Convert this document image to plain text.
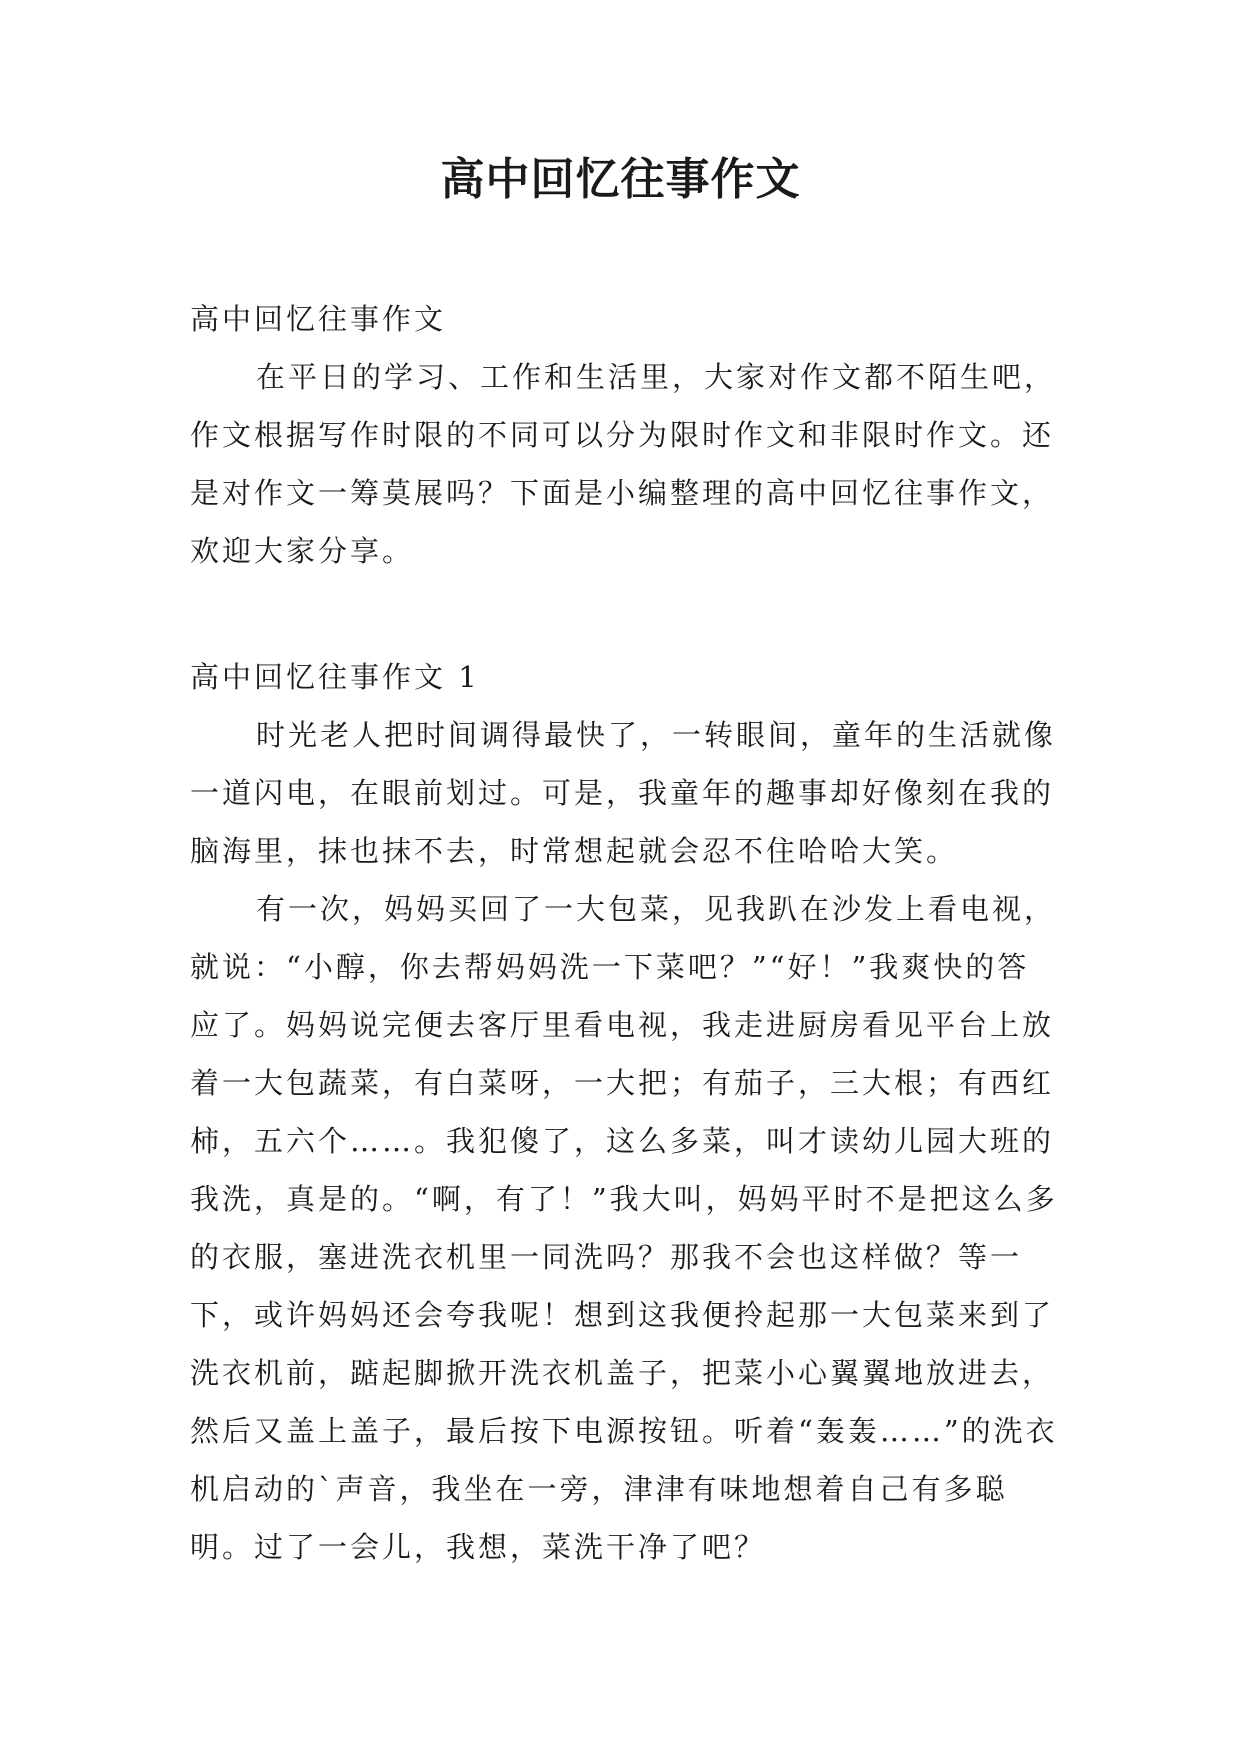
高中回忆往事作文

高中回忆往事作文

在平日的学习、工作和生活里，大家对作文都不陌生吧，作文根据写作时限的不同可以分为限时作文和非限时作文。还是对作文一筹莫展吗？下面是小编整理的高中回忆往事作文，欢迎大家分享。

高中回忆往事作文 1

时光老人把时间调得最快了，一转眼间，童年的生活就像一道闪电，在眼前划过。可是，我童年的趣事却好像刻在我的脑海里，抹也抹不去，时常想起就会忍不住哈哈大笑。

有一次，妈妈买回了一大包菜，见我趴在沙发上看电视，就说：“小醇，你去帮妈妈洗一下菜吧？”“好！”我爽快的答应了。妈妈说完便去客厅里看电视，我走进厨房看见平台上放着一大包蔬菜，有白菜呀，一大把；有茄子，三大根；有西红柿，五六个……。我犯傻了，这么多菜，叫才读幼儿园大班的我洗，真是的。“啊，有了！”我大叫，妈妈平时不是把这么多的衣服，塞进洗衣机里一同洗吗？那我不会也这样做？等一下，或许妈妈还会夸我呢！想到这我便拎起那一大包菜来到了洗衣机前，踮起脚掀开洗衣机盖子，把菜小心翼翼地放进去，然后又盖上盖子，最后按下电源按钮。听着“轰轰……”的洗衣机启动的`声音，我坐在一旁，津津有味地想着自己有多聪明。过了一会儿，我想，菜洗干净了吧？
